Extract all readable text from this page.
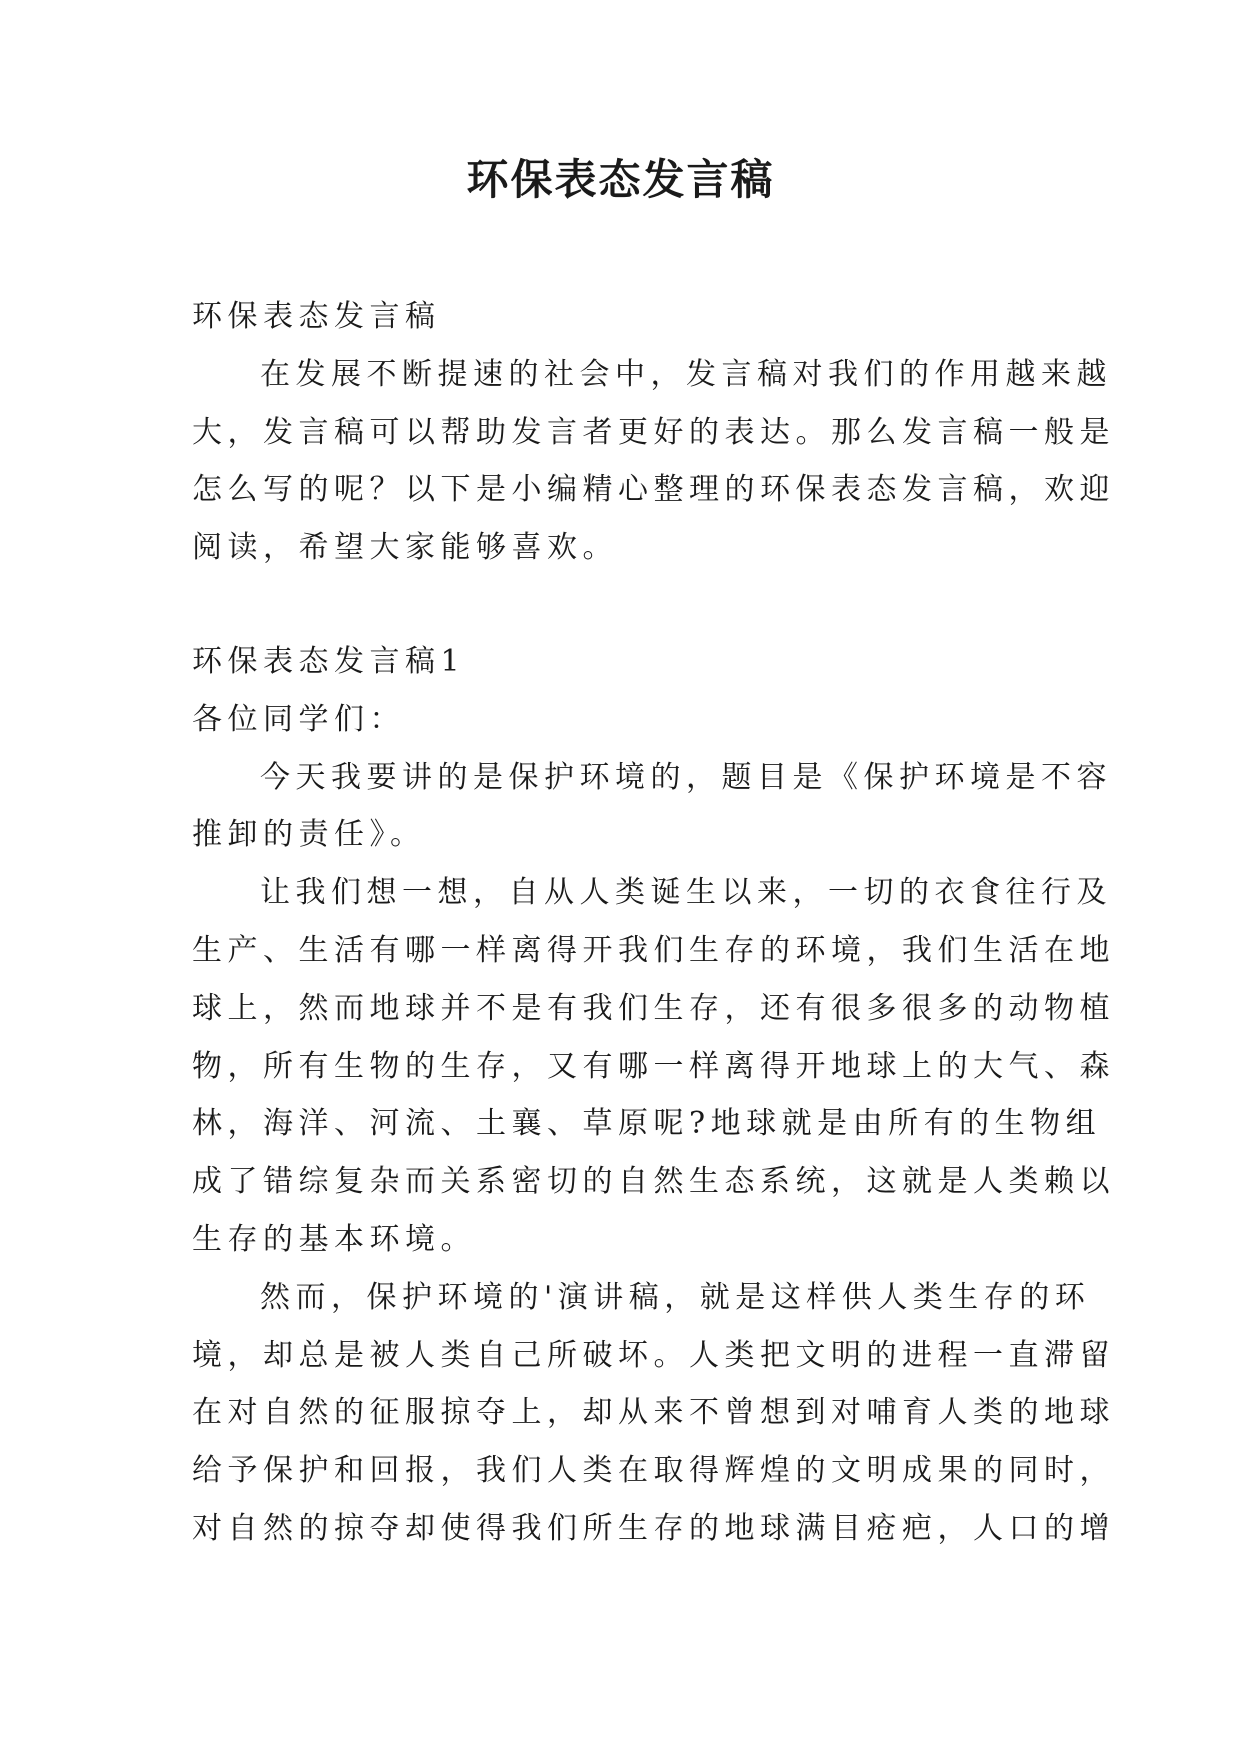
环保表态发言稿

环保表态发言稿

在发展不断提速的社会中，发言稿对我们的作用越来越

大，发言稿可以帮助发言者更好的表达。那么发言稿一般是

怎么写的呢？以下是小编精心整理的环保表态发言稿，欢迎

阅读，希望大家能够喜欢。

环保表态发言稿1

各位同学们：

今天我要讲的是保护环境的，题目是《保护环境是不容

推卸的责任》。

让我们想一想，自从人类诞生以来，一切的衣食往行及

生产、生活有哪一样离得开我们生存的环境，我们生活在地

球上，然而地球并不是有我们生存，还有很多很多的动物植

物，所有生物的生存，又有哪一样离得开地球上的大气、森

林，海洋、河流、土襄、草原呢?地球就是由所有的生物组

成了错综复杂而关系密切的自然生态系统，这就是人类赖以

生存的基本环境。

然而，保护环境的'演讲稿，就是这样供人类生存的环

境，却总是被人类自己所破坏。人类把文明的进程一直滞留

在对自然的征服掠夺上，却从来不曾想到对哺育人类的地球

给予保护和回报，我们人类在取得辉煌的文明成果的同时，

对自然的掠夺却使得我们所生存的地球满目疮疤，人口的增
